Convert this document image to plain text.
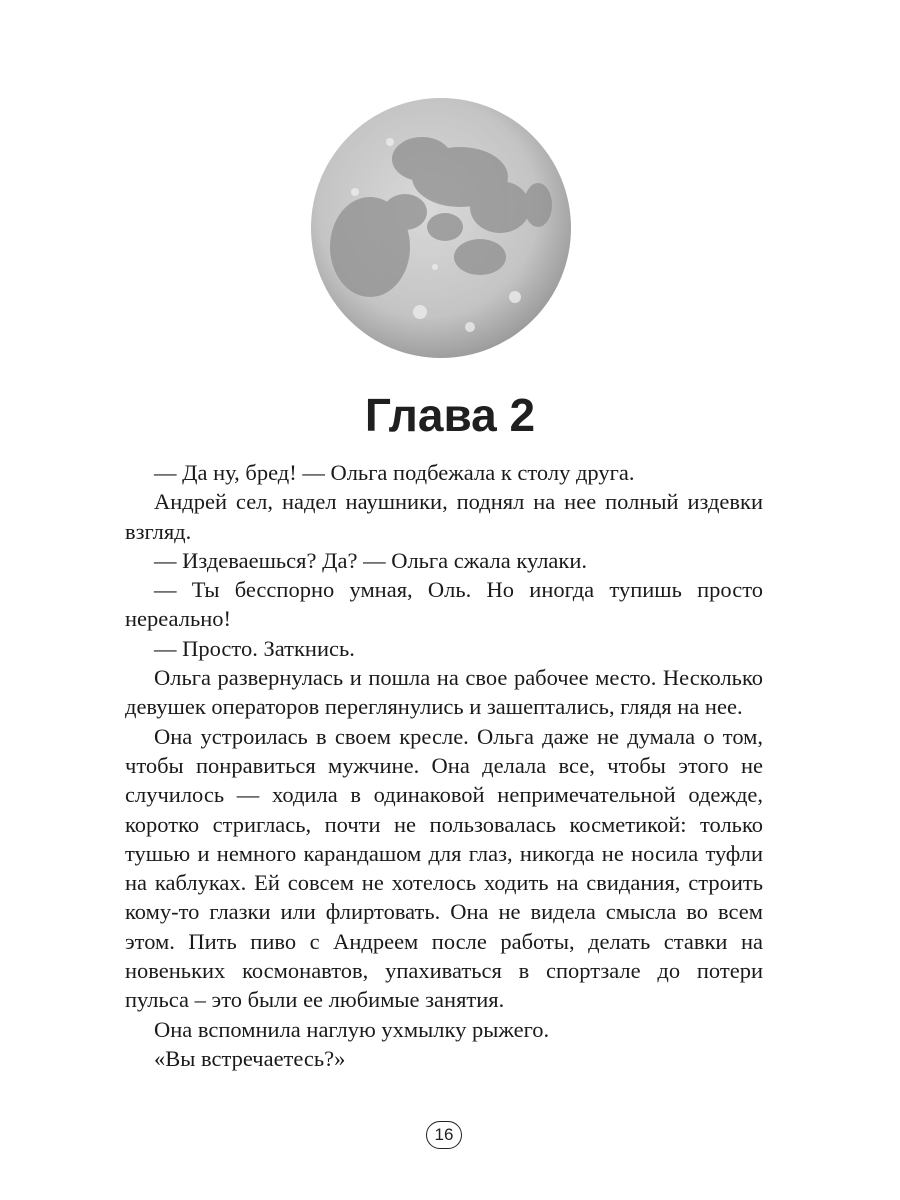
Глава 2

— Да ну, бред! — Ольга подбежала к столу друга.

Андрей сел, надел наушники, поднял на нее полный издевки взгляд.

— Издеваешься? Да? — Ольга сжала кулаки.

— Ты бесспорно умная, Оль. Но иногда тупишь просто нереально!

— Просто. Заткнись.

Ольга развернулась и пошла на свое рабочее место. Несколько девушек операторов переглянулись и зашептались, глядя на нее.

Она устроилась в своем кресле. Ольга даже не думала о том, чтобы понравиться мужчине. Она делала все, чтобы этого не случилось — ходила в одинаковой непримечательной одежде, коротко стриглась, почти не пользовалась косметикой: только тушью и немного карандашом для глаз, никогда не носила туфли на каблуках. Ей совсем не хотелось ходить на свидания, строить кому-то глазки или флиртовать. Она не видела смысла во всем этом. Пить пиво с Андреем после работы, делать ставки на новеньких космонавтов, упахиваться в спортзале до потери пульса – это были ее любимые занятия.

Она вспомнила наглую ухмылку рыжего.

«Вы встречаетесь?»

16
